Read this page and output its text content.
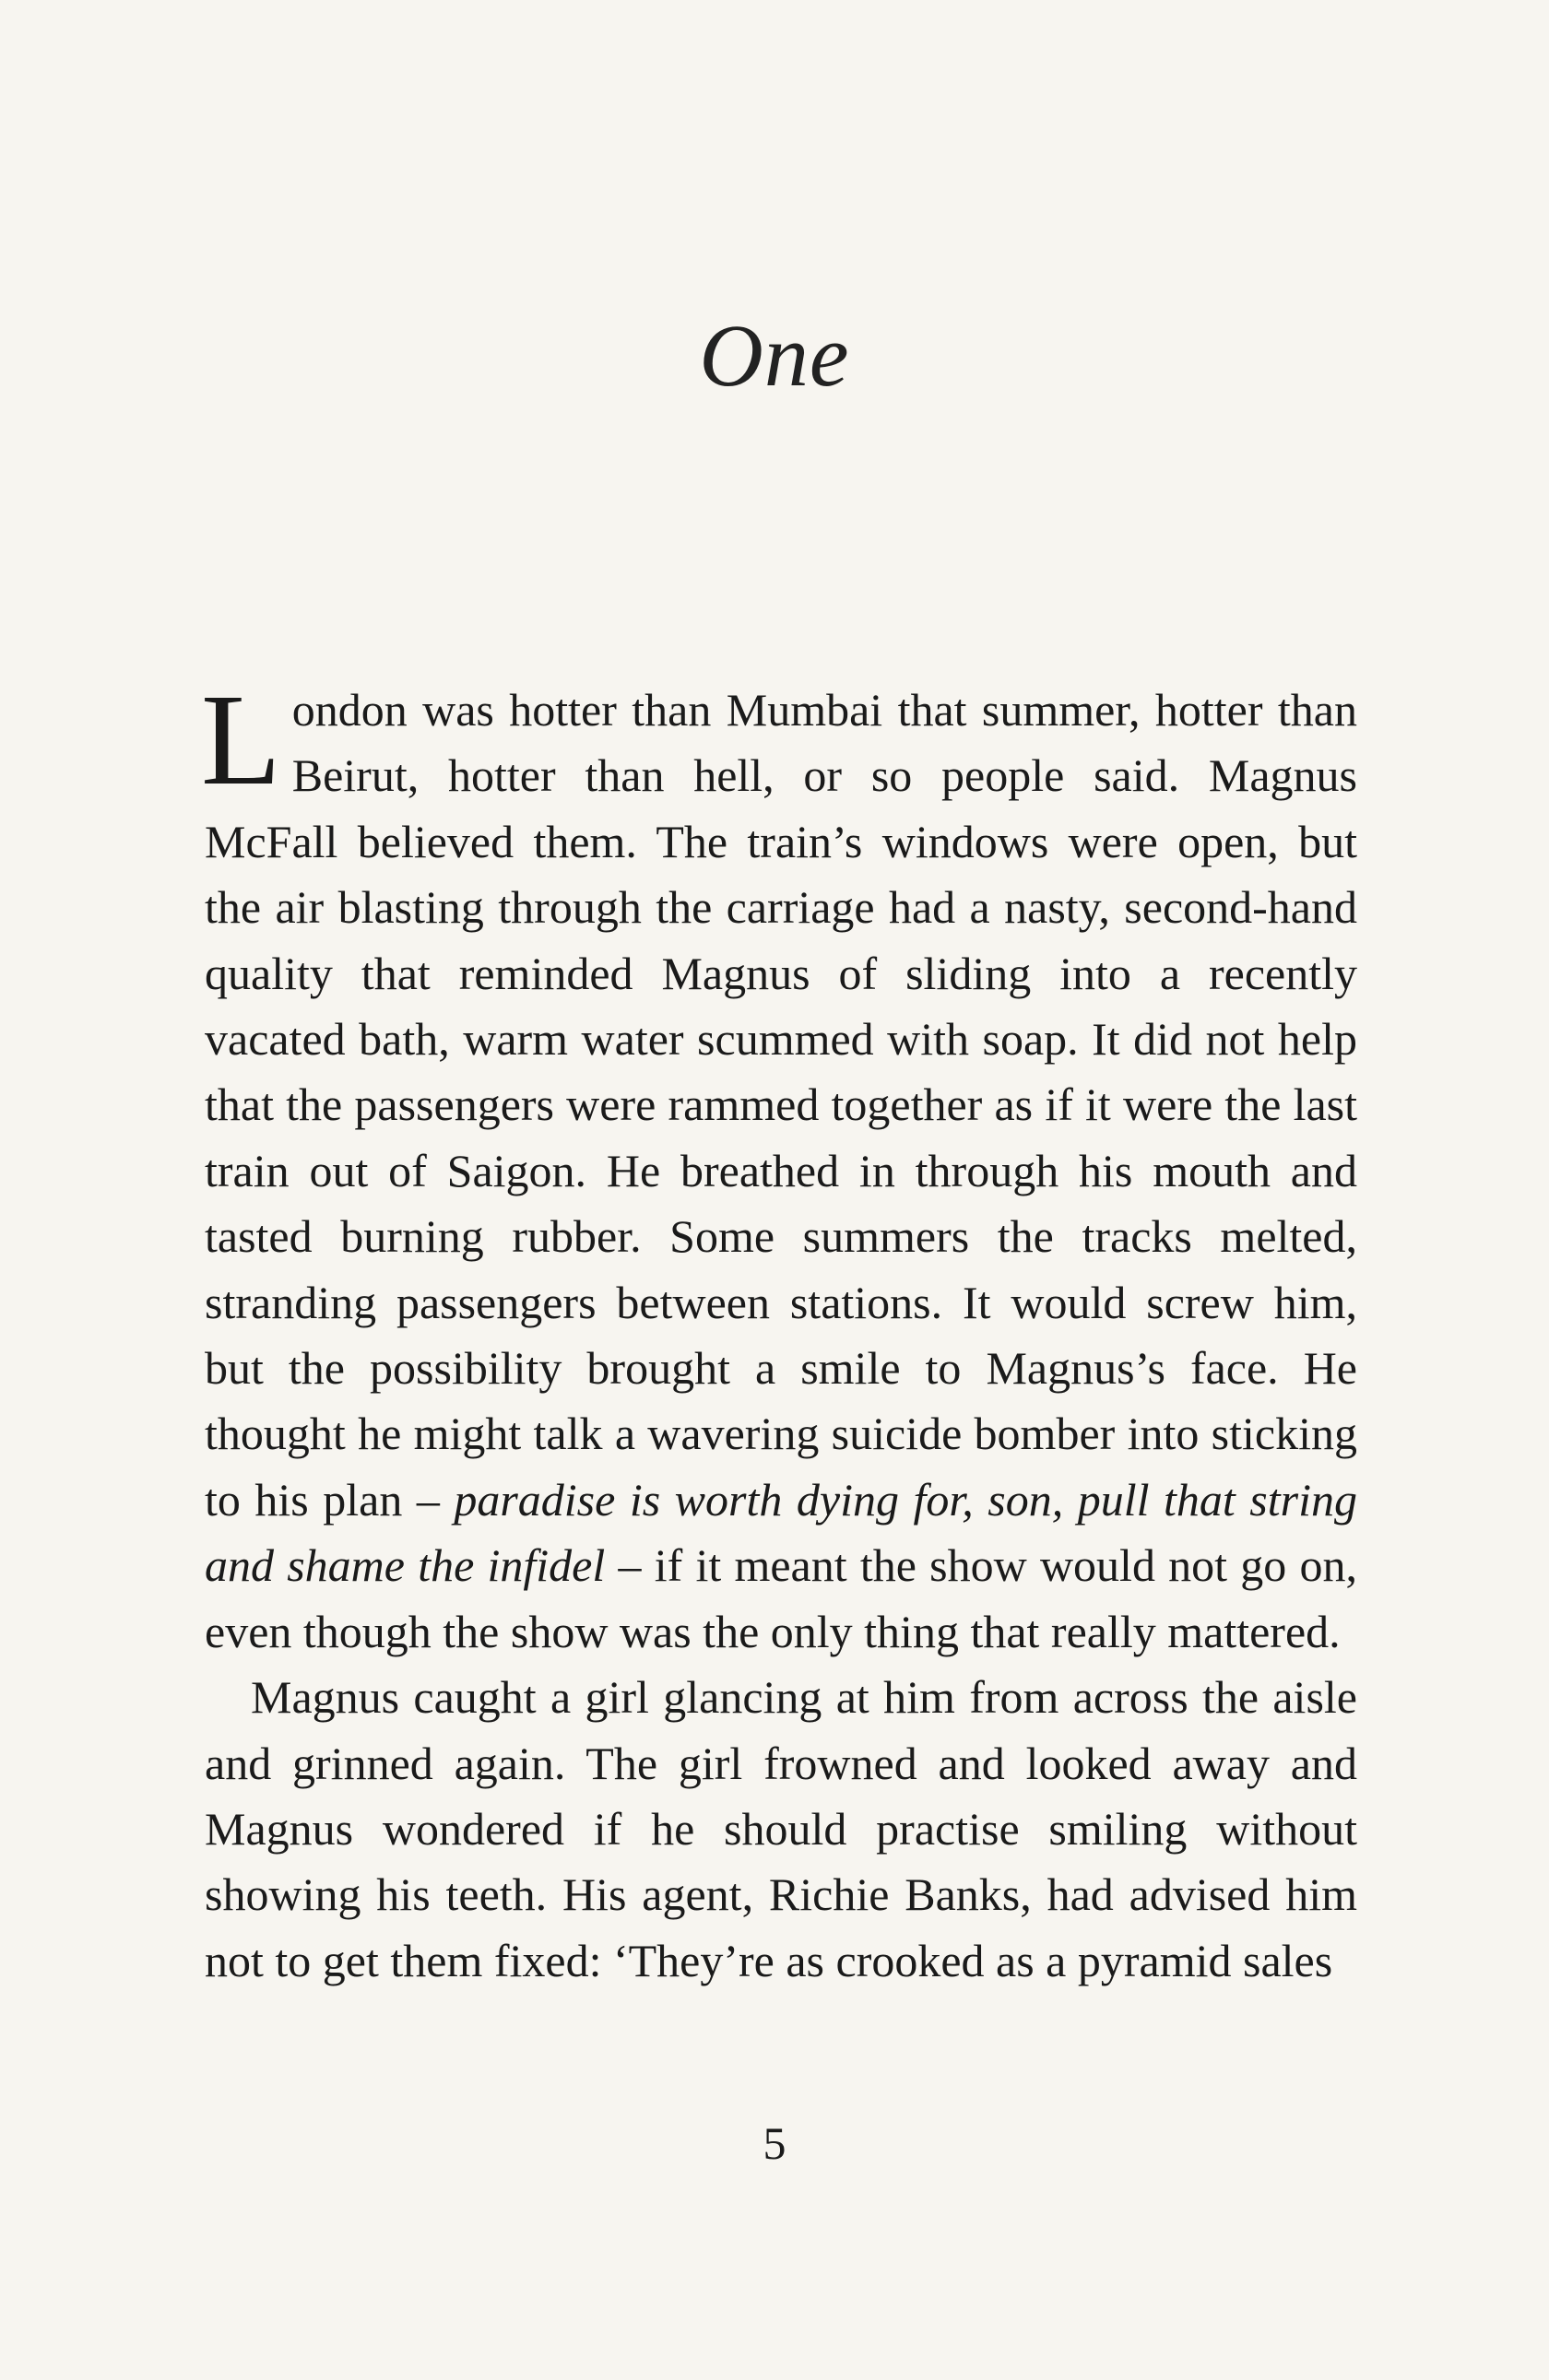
One

London was hotter than Mumbai that summer, hotter than Beirut, hotter than hell, or so people said. Magnus McFall believed them. The train’s windows were open, but the air blasting through the carriage had a nasty, second-hand quality that reminded Magnus of sliding into a recently vacated bath, warm water scummed with soap. It did not help that the passengers were rammed together as if it were the last train out of Saigon. He breathed in through his mouth and tasted burning rubber. Some summers the tracks melted, stranding passengers between stations. It would screw him, but the possibility brought a smile to Magnus’s face. He thought he might talk a wavering suicide bomber into sticking to his plan – paradise is worth dying for, son, pull that string and shame the infidel – if it meant the show would not go on, even though the show was the only thing that really mattered.

Magnus caught a girl glancing at him from across the aisle and grinned again. The girl frowned and looked away and Magnus wondered if he should practise smiling without showing his teeth. His agent, Richie Banks, had advised him not to get them fixed: ‘They’re as crooked as a pyramid sales

5
